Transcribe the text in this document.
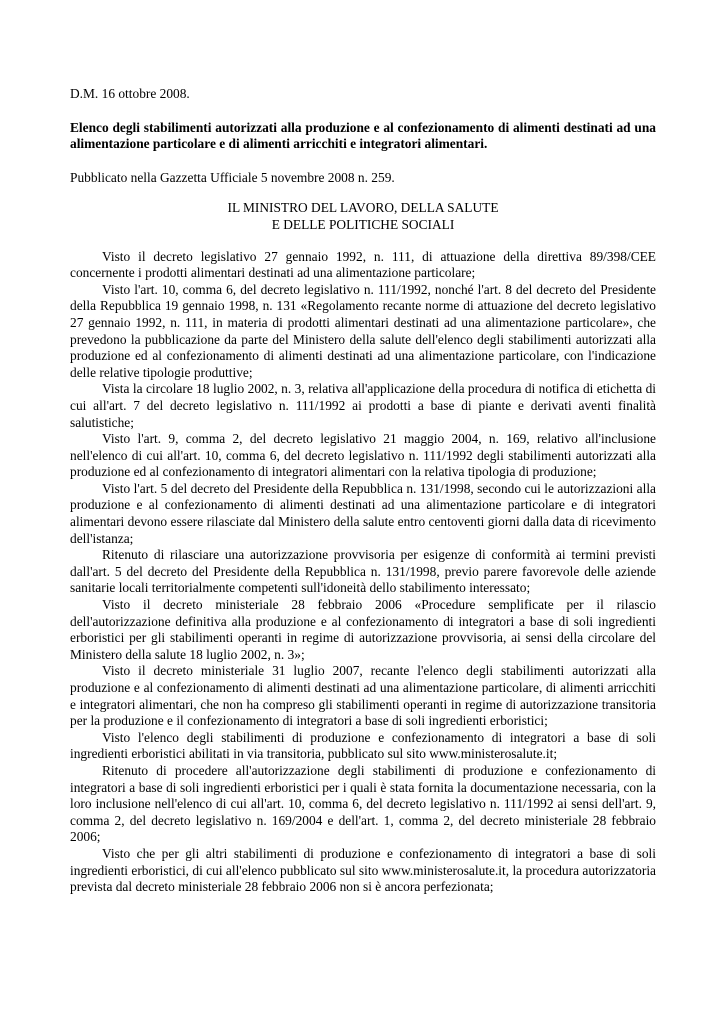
D.M. 16 ottobre 2008.

Elenco degli stabilimenti autorizzati alla produzione e al confezionamento di alimenti destinati ad una alimentazione particolare e di alimenti arricchiti e integratori alimentari.

Pubblicato nella Gazzetta Ufficiale 5 novembre 2008 n. 259.

IL MINISTRO DEL LAVORO, DELLA SALUTE
E DELLE POLITICHE SOCIALI

Visto il decreto legislativo 27 gennaio 1992, n. 111, di attuazione della direttiva 89/398/CEE concernente i prodotti alimentari destinati ad una alimentazione particolare;

Visto l'art. 10, comma 6, del decreto legislativo n. 111/1992, nonché l'art. 8 del decreto del Presidente della Repubblica 19 gennaio 1998, n. 131 «Regolamento recante norme di attuazione del decreto legislativo 27 gennaio 1992, n. 111, in materia di prodotti alimentari destinati ad una alimentazione particolare», che prevedono la pubblicazione da parte del Ministero della salute dell'elenco degli stabilimenti autorizzati alla produzione ed al confezionamento di alimenti destinati ad una alimentazione particolare, con l'indicazione delle relative tipologie produttive;

Vista la circolare 18 luglio 2002, n. 3, relativa all'applicazione della procedura di notifica di etichetta di cui all'art. 7 del decreto legislativo n. 111/1992 ai prodotti a base di piante e derivati aventi finalità salutistiche;

Visto l'art. 9, comma 2, del decreto legislativo 21 maggio 2004, n. 169, relativo all'inclusione nell'elenco di cui all'art. 10, comma 6, del decreto legislativo n. 111/1992 degli stabilimenti autorizzati alla produzione ed al confezionamento di integratori alimentari con la relativa tipologia di produzione;

Visto l'art. 5 del decreto del Presidente della Repubblica n. 131/1998, secondo cui le autorizzazioni alla produzione e al confezionamento di alimenti destinati ad una alimentazione particolare e di integratori alimentari devono essere rilasciate dal Ministero della salute entro centoventi giorni dalla data di ricevimento dell'istanza;

Ritenuto di rilasciare una autorizzazione provvisoria per esigenze di conformità ai termini previsti dall'art. 5 del decreto del Presidente della Repubblica n. 131/1998, previo parere favorevole delle aziende sanitarie locali territorialmente competenti sull'idoneità dello stabilimento interessato;

Visto il decreto ministeriale 28 febbraio 2006 «Procedure semplificate per il rilascio dell'autorizzazione definitiva alla produzione e al confezionamento di integratori a base di soli ingredienti erboristici per gli stabilimenti operanti in regime di autorizzazione provvisoria, ai sensi della circolare del Ministero della salute 18 luglio 2002, n. 3»;

Visto il decreto ministeriale 31 luglio 2007, recante l'elenco degli stabilimenti autorizzati alla produzione e al confezionamento di alimenti destinati ad una alimentazione particolare, di alimenti arricchiti e integratori alimentari, che non ha compreso gli stabilimenti operanti in regime di autorizzazione transitoria per la produzione e il confezionamento di integratori a base di soli ingredienti erboristici;

Visto l'elenco degli stabilimenti di produzione e confezionamento di integratori a base di soli ingredienti erboristici abilitati in via transitoria, pubblicato sul sito www.ministerosalute.it;

Ritenuto di procedere all'autorizzazione degli stabilimenti di produzione e confezionamento di integratori a base di soli ingredienti erboristici per i quali è stata fornita la documentazione necessaria, con la loro inclusione nell'elenco di cui all'art. 10, comma 6, del decreto legislativo n. 111/1992 ai sensi dell'art. 9, comma 2, del decreto legislativo n. 169/2004 e dell'art. 1, comma 2, del decreto ministeriale 28 febbraio 2006;

Visto che per gli altri stabilimenti di produzione e confezionamento di integratori a base di soli ingredienti erboristici, di cui all'elenco pubblicato sul sito www.ministerosalute.it, la procedura autorizzatoria prevista dal decreto ministeriale 28 febbraio 2006 non si è ancora perfezionata;
